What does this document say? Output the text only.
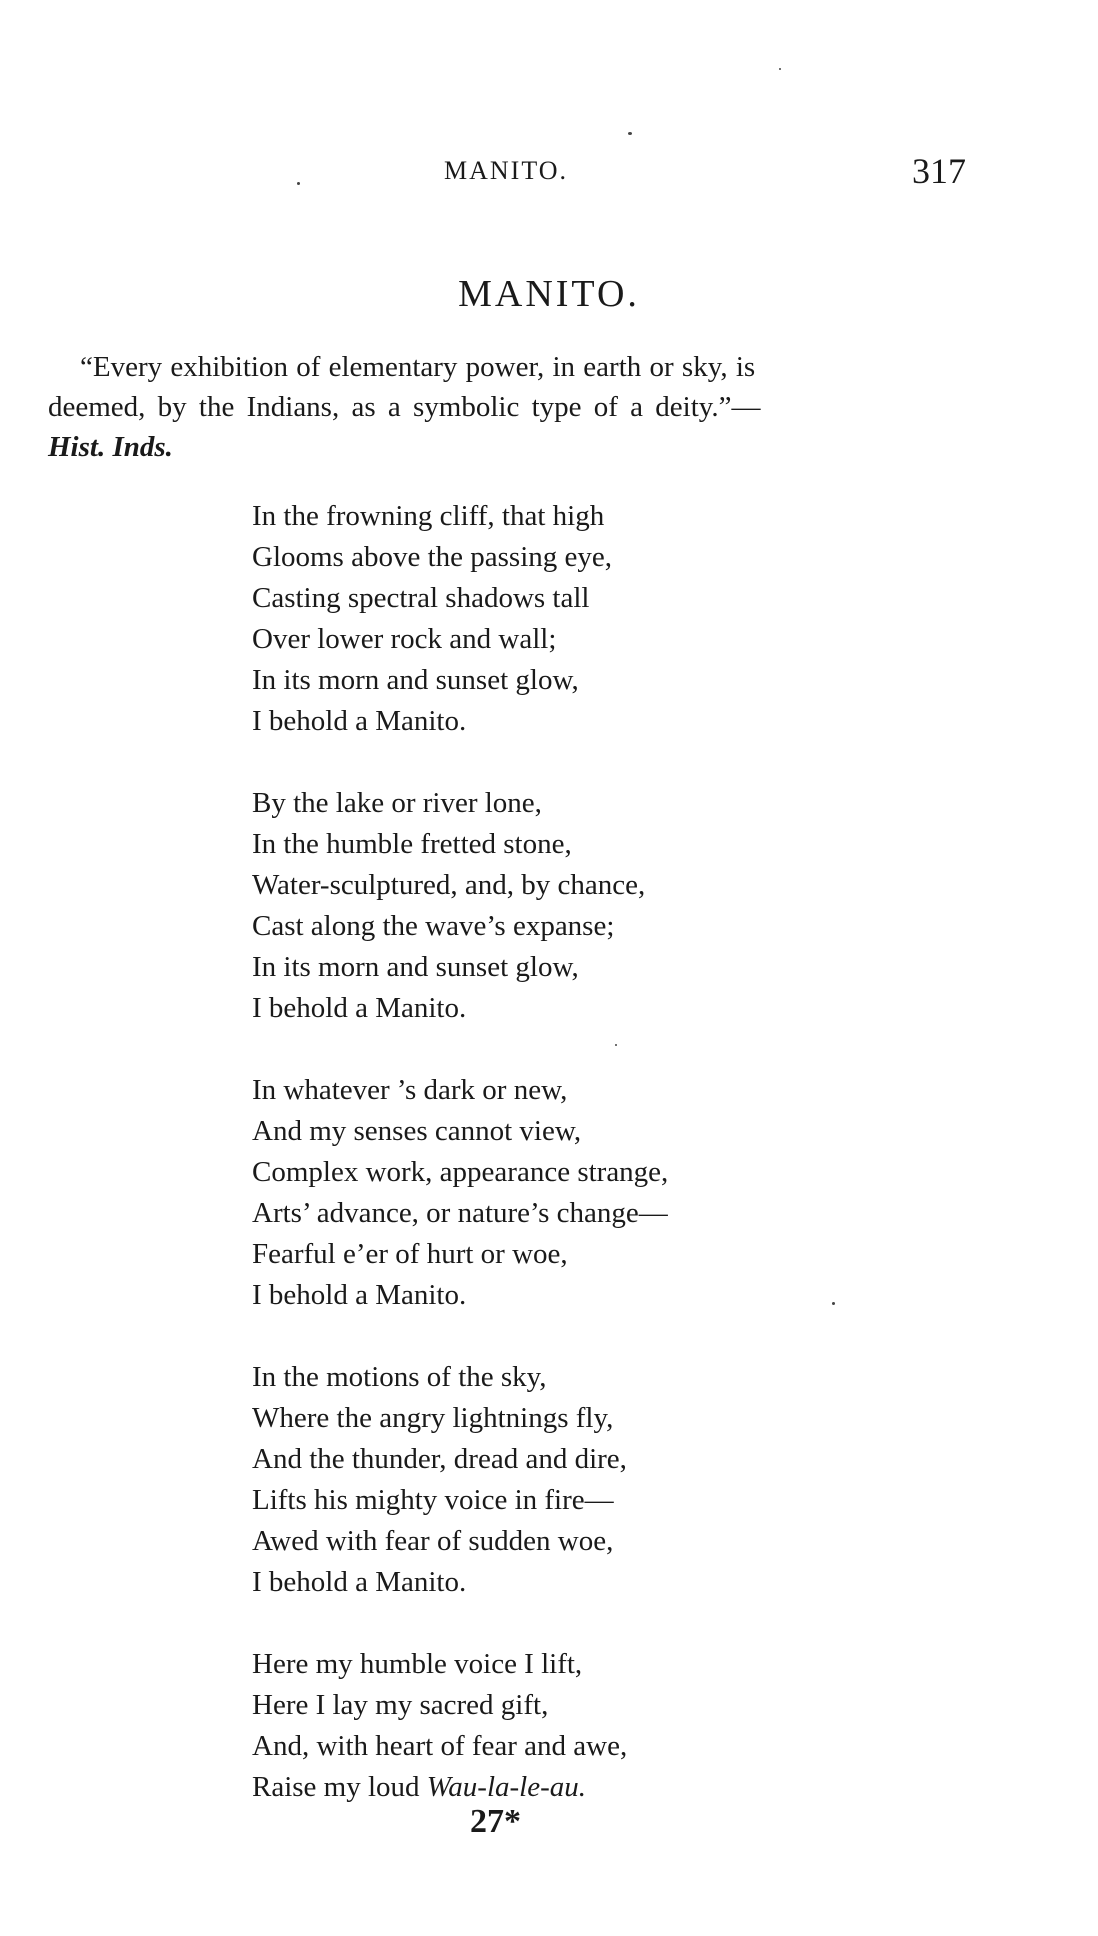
MANITO.	317
MANITO.
“Every exhibition of elementary power, in earth or sky, is
deemed, by the Indians, as a symbolic type of a deity.”—
Hist. Inds.
In the frowning cliff, that high
Glooms above the passing eye,
Casting spectral shadows tall
Over lower rock and wall;
In its morn and sunset glow,
I behold a Manito.
By the lake or river lone,
In the humble fretted stone,
Water-sculptured, and, by chance,
Cast along the wave’s expanse;
In its morn and sunset glow,
I behold a Manito.
In whatever ’s dark or new,
And my senses cannot view,
Complex work, appearance strange,
Arts’ advance, or nature’s change—
Fearful e’er of hurt or woe,
I behold a Manito.
In the motions of the sky,
Where the angry lightnings fly,
And the thunder, dread and dire,
Lifts his mighty voice in fire—
Awed with fear of sudden woe,
I behold a Manito.
Here my humble voice I lift,
Here I lay my sacred gift,
And, with heart of fear and awe,
Raise my loud Wau-la-le-au.
27*
